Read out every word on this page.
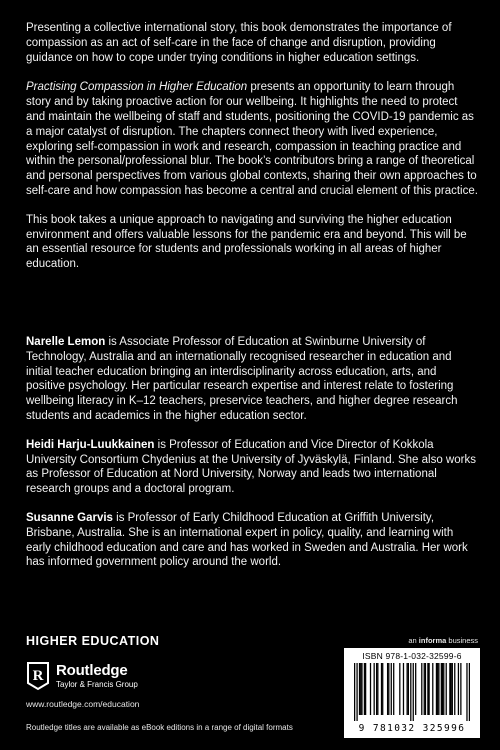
Presenting a collective international story, this book demonstrates the importance of compassion as an act of self-care in the face of change and disruption, providing guidance on how to cope under trying conditions in higher education settings.

Practising Compassion in Higher Education presents an opportunity to learn through story and by taking proactive action for our wellbeing. It highlights the need to protect and maintain the wellbeing of staff and students, positioning the COVID-19 pandemic as a major catalyst of disruption. The chapters connect theory with lived experience, exploring self-compassion in work and research, compassion in teaching practice and within the personal/professional blur. The book’s contributors bring a range of theoretical and personal perspectives from various global contexts, sharing their own approaches to self-care and how compassion has become a central and crucial element of this practice.

This book takes a unique approach to navigating and surviving the higher education environment and offers valuable lessons for the pandemic era and beyond. This will be an essential resource for students and professionals working in all areas of higher education.

Narelle Lemon is Associate Professor of Education at Swinburne University of Technology, Australia and an internationally recognised researcher in education and initial teacher education bringing an interdisciplinarity across education, arts, and positive psychology. Her particular research expertise and interest relate to fostering wellbeing literacy in K–12 teachers, preservice teachers, and higher degree research students and academics in the higher education sector.

Heidi Harju-Luukkainen is Professor of Education and Vice Director of Kokkola University Consortium Chydenius at the University of Jyväskylä, Finland. She also works as Professor of Education at Nord University, Norway and leads two international research groups and a doctoral program.

Susanne Garvis is Professor of Early Childhood Education at Griffith University, Brisbane, Australia. She is an international expert in policy, quality, and learning with early childhood education and care and has worked in Sweden and Australia. Her work has informed government policy around the world.

HIGHER EDUCATION
R Routledge
Taylor & Francis Group
www.routledge.com/education
Routledge titles are available as eBook editions in a range of digital formats
an informa business
ISBN 978-1-032-32599-6
9 781032 325996
